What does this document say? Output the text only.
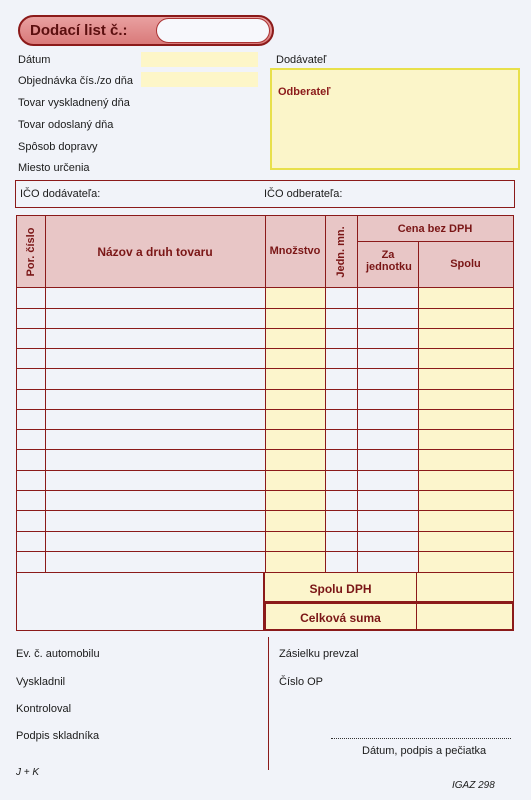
Dodací list č.:
Dátum
Objednávka čís./zo dňa
Tovar vyskladnený dňa
Tovar odoslaný dňa
Spôsob dopravy
Miesto určenia
Dodávateľ
Odberateľ
IČO dodávateľa:	IČO odberateľa:
Por. číslo	Názov a druh tovaru	Množstvo	Jedn. mn.	Cena bez DPH
Za jednotku	Spolu
Spolu DPH
Celková suma
Ev. č. automobilu
Vyskladnil
Kontroloval
Podpis skladníka
Zásielku prevzal
Číslo OP
Dátum, podpis a pečiatka
J + K
IGAZ 298
